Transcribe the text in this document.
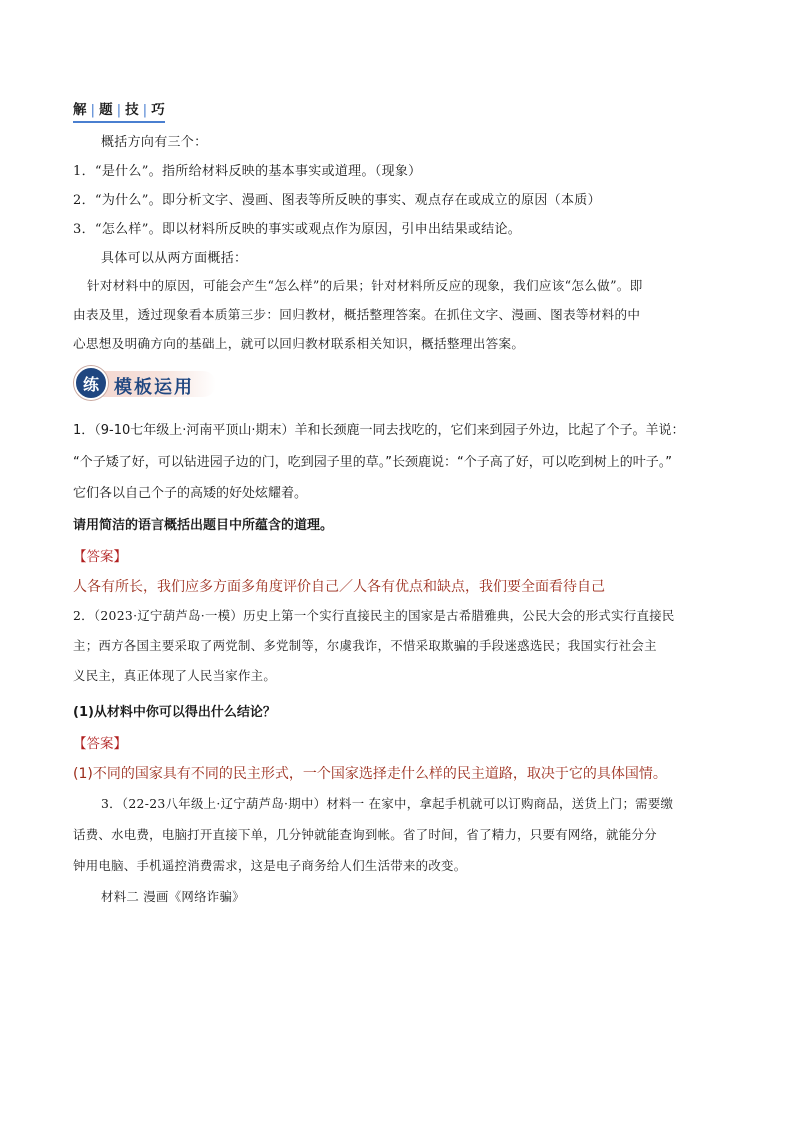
解 | 题 | 技 | 巧
概括方向有三个：
1．“是什么”。指所给材料反映的基本事实或道理。（现象）
2．“为什么”。即分析文字、漫画、图表等所反映的事实、观点存在或成立的原因（本质）
3．“怎么样”。即以材料所反映的事实或观点作为原因，引申出结果或结论。
具体可以从两方面概括：
针对材料中的原因，可能会产生“怎么样”的后果；针对材料所反应的现象，我们应该“怎么做”。即
由表及里，透过现象看本质第三步：回归教材，概括整理答案。在抓住文字、漫画、图表等材料的中
心思想及明确方向的基础上，就可以回归教材联系相关知识，概括整理出答案。
练 模板运用
1．（9-10七年级上·河南平顶山·期末）羊和长颈鹿一同去找吃的，它们来到园子外边，比起了个子。羊说：
“个子矮了好，可以钻进园子边的门，吃到园子里的草。”长颈鹿说：“个子高了好，可以吃到树上的叶子。”
它们各以自己个子的高矮的好处炫耀着。
请用简洁的语言概括出题目中所蕴含的道理。
【答案】
人各有所长，我们应多方面多角度评价自己／人各有优点和缺点，我们要全面看待自己
2．（2023·辽宁葫芦岛·一模）历史上第一个实行直接民主的国家是古希腊雅典，公民大会的形式实行直接民
主；西方各国主要采取了两党制、多党制等，尔虞我诈，不惜采取欺骗的手段迷惑选民；我国实行社会主
义民主，真正体现了人民当家作主。
(1)从材料中你可以得出什么结论？
【答案】
(1)不同的国家具有不同的民主形式，一个国家选择走什么样的民主道路，取决于它的具体国情。
3．（22-23八年级上·辽宁葫芦岛·期中）材料一 在家中，拿起手机就可以订购商品，送货上门；需要缴
话费、水电费，电脑打开直接下单，几分钟就能查询到帐。省了时间，省了精力，只要有网络，就能分分
钟用电脑、手机遥控消费需求，这是电子商务给人们生活带来的改变。
材料二 漫画《网络诈骗》
